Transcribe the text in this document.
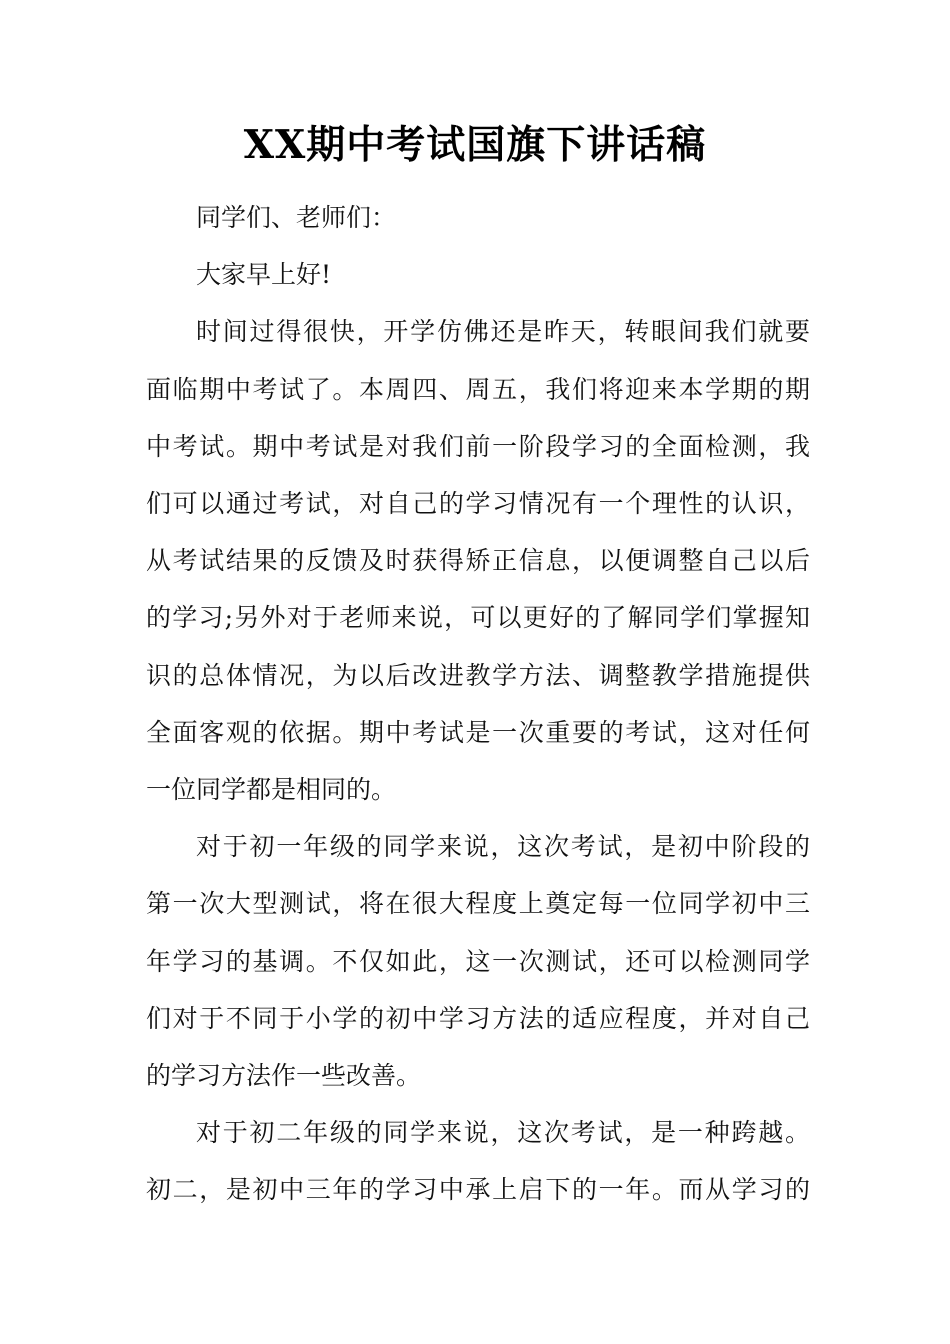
XX期中考试国旗下讲话稿

同学们、老师们：

大家早上好!

时间过得很快，开学仿佛还是昨天，转眼间我们就要
面临期中考试了。本周四、周五，我们将迎来本学期的期
中考试。期中考试是对我们前一阶段学习的全面检测，我
们可以通过考试，对自己的学习情况有一个理性的认识，
从考试结果的反馈及时获得矫正信息，以便调整自己以后
的学习;另外对于老师来说，可以更好的了解同学们掌握知
识的总体情况，为以后改进教学方法、调整教学措施提供
全面客观的依据。期中考试是一次重要的考试，这对任何
一位同学都是相同的。

对于初一年级的同学来说，这次考试，是初中阶段的
第一次大型测试，将在很大程度上奠定每一位同学初中三
年学习的基调。不仅如此，这一次测试，还可以检测同学
们对于不同于小学的初中学习方法的适应程度，并对自己
的学习方法作一些改善。

对于初二年级的同学来说，这次考试，是一种跨越。
初二，是初中三年的学习中承上启下的一年。而从学习的
